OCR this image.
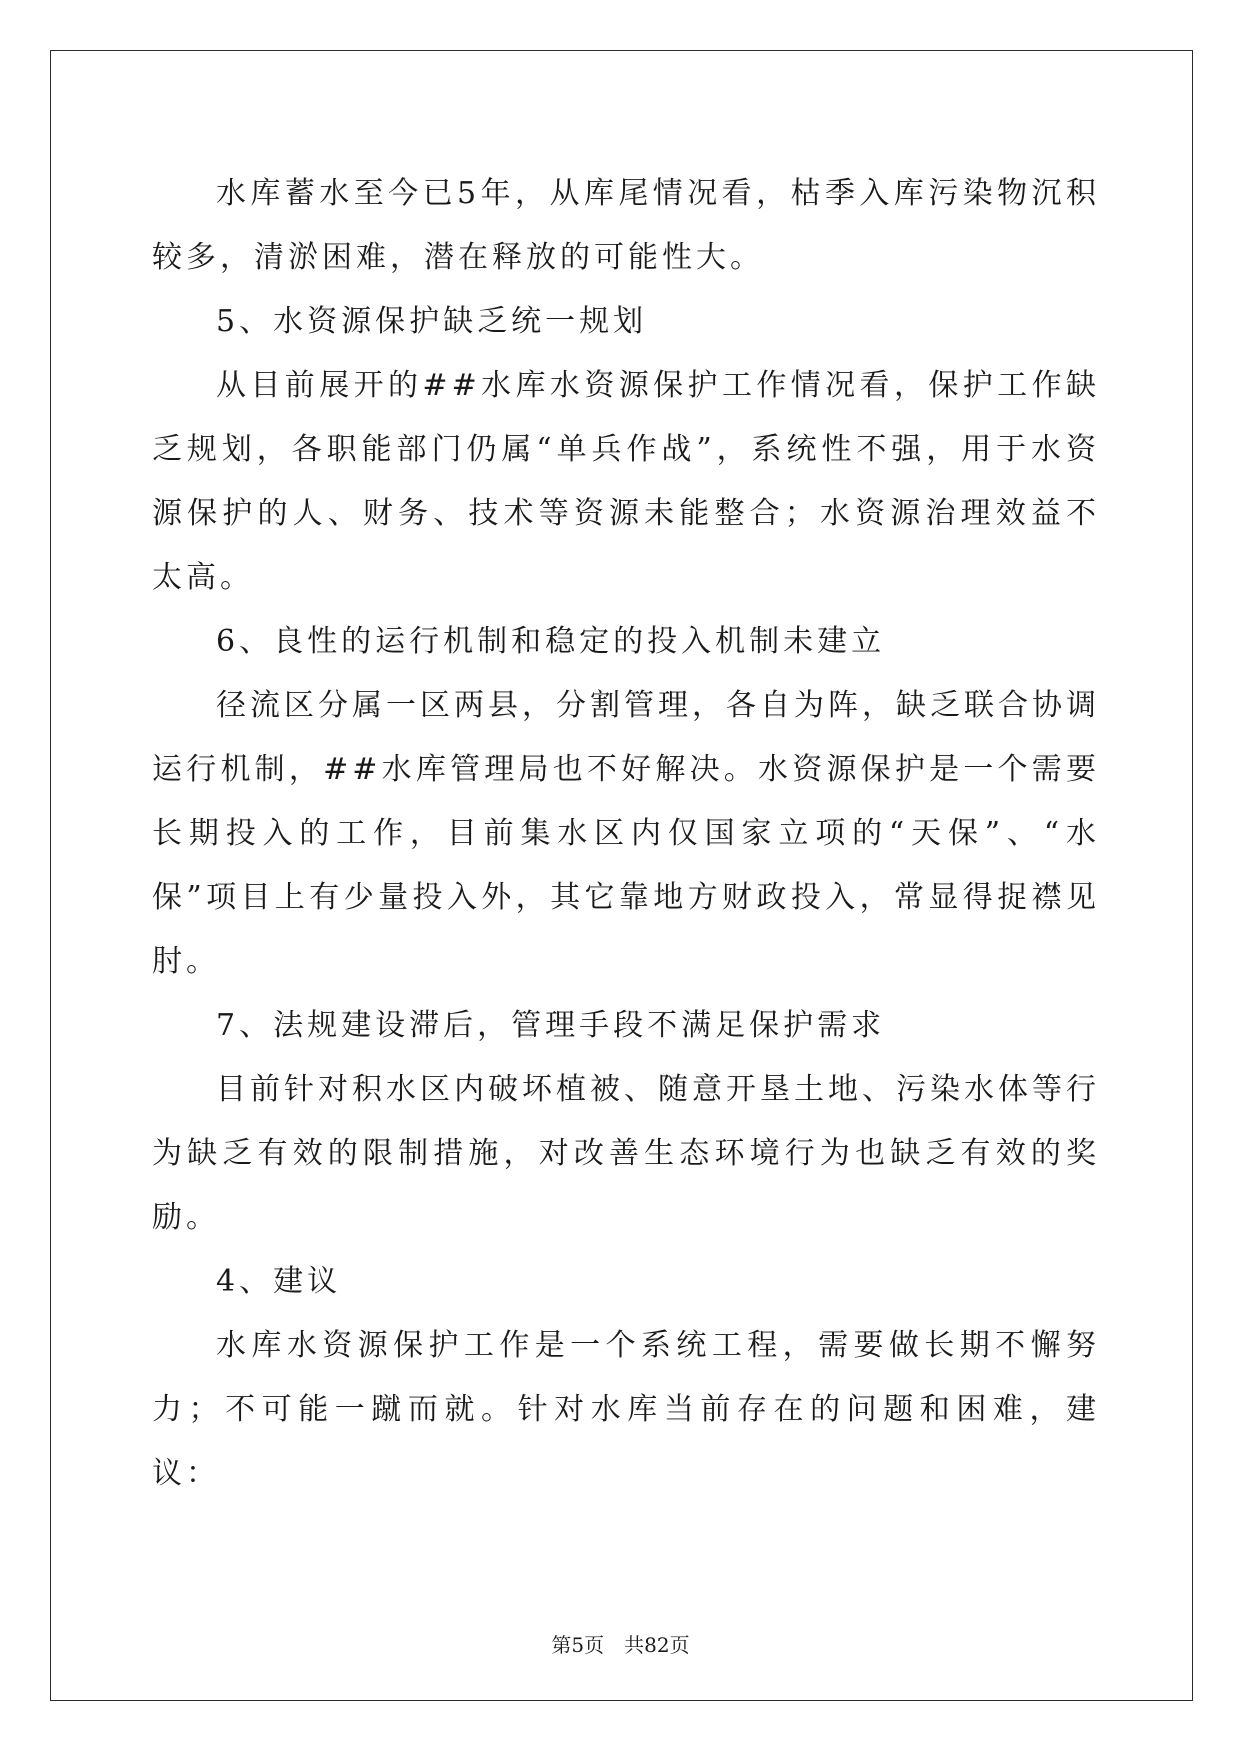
水库蓄水至今已5年，从库尾情况看，枯季入库污染物沉积较多，清淤困难，潜在释放的可能性大。

5、水资源保护缺乏统一规划

从目前展开的##水库水资源保护工作情况看，保护工作缺乏规划，各职能部门仍属“单兵作战”，系统性不强，用于水资源保护的人、财务、技术等资源未能整合；水资源治理效益不太高。

6、良性的运行机制和稳定的投入机制未建立

径流区分属一区两县，分割管理，各自为阵，缺乏联合协调运行机制，##水库管理局也不好解决。水资源保护是一个需要长期投入的工作，目前集水区内仅国家立项的“天保”、“水保”项目上有少量投入外，其它靠地方财政投入，常显得捉襟见肘。

7、法规建设滞后，管理手段不满足保护需求

目前针对积水区内破坏植被、随意开垦土地、污染水体等行为缺乏有效的限制措施，对改善生态环境行为也缺乏有效的奖励。

4、建议

水库水资源保护工作是一个系统工程，需要做长期不懈努力；不可能一蹴而就。针对水库当前存在的问题和困难，建议：

第5页　共82页
